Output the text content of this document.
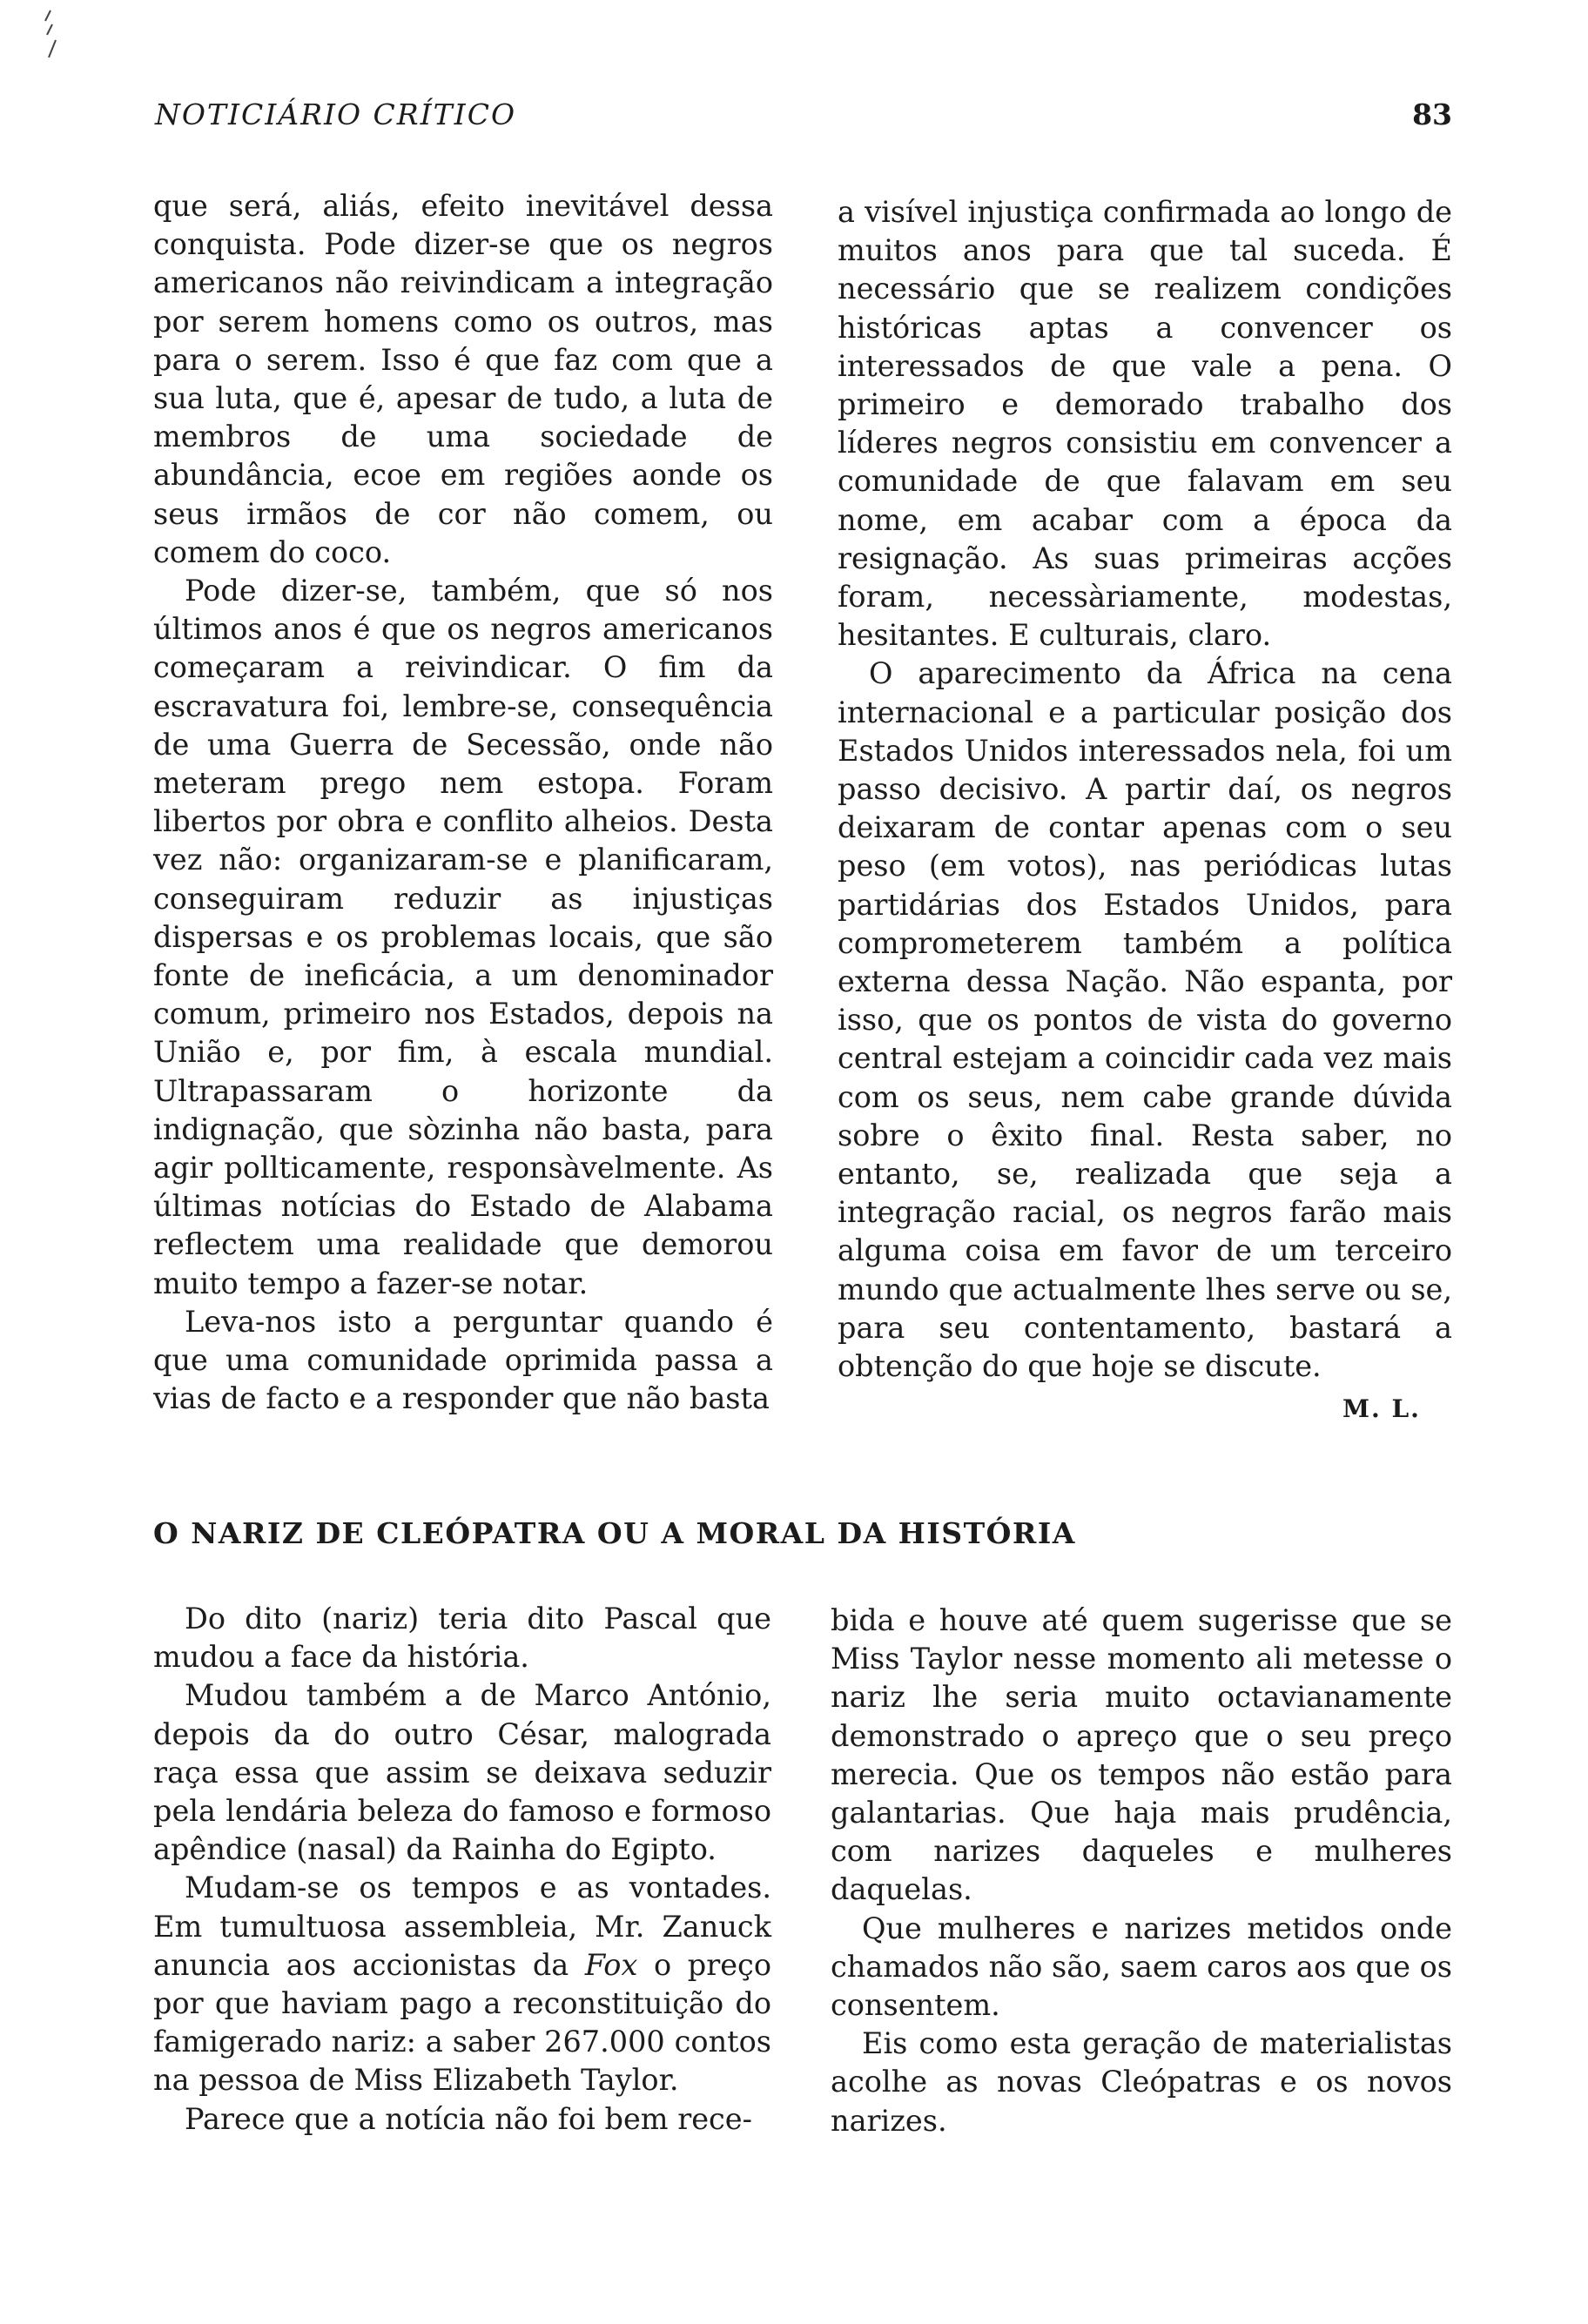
NOTICIÁRIO CRÍTICO	83

que será, aliás, efeito inevitável dessa conquista. Pode dizer-se que os negros americanos não reivindicam a integração por serem homens como os outros, mas para o serem. Isso é que faz com que a sua luta, que é, apesar de tudo, a luta de membros de uma sociedade de abundância, ecoe em regiões aonde os seus irmãos de cor não comem, ou comem do coco.

Pode dizer-se, também, que só nos últimos anos é que os negros americanos começaram a reivindicar. O fim da escravatura foi, lembre-se, consequência de uma Guerra de Secessão, onde não meteram prego nem estopa. Foram libertos por obra e conflito alheios. Desta vez não: organizaram-se e planificaram, conseguiram reduzir as injustiças dispersas e os problemas locais, que são fonte de ineficácia, a um denominador comum, primeiro nos Estados, depois na União e, por fim, à escala mundial. Ultrapassaram o horizonte da indignação, que sòzinha não basta, para agir pollticamente, responsàvelmente. As últimas notícias do Estado de Alabama reflectem uma realidade que demorou muito tempo a fazer-se notar.

Leva-nos isto a perguntar quando é que uma comunidade oprimida passa a vias de facto e a responder que não basta

a visível injustiça confirmada ao longo de muitos anos para que tal suceda. É necessário que se realizem condições históricas aptas a convencer os interessados de que vale a pena. O primeiro e demorado trabalho dos líderes negros consistiu em convencer a comunidade de que falavam em seu nome, em acabar com a época da resignação. As suas primeiras acções foram, necessàriamente, modestas, hesitantes. E culturais, claro.

O aparecimento da África na cena internacional e a particular posição dos Estados Unidos interessados nela, foi um passo decisivo. A partir daí, os negros deixaram de contar apenas com o seu peso (em votos), nas periódicas lutas partidárias dos Estados Unidos, para comprometerem também a política externa dessa Nação. Não espanta, por isso, que os pontos de vista do governo central estejam a coincidir cada vez mais com os seus, nem cabe grande dúvida sobre o êxito final. Resta saber, no entanto, se, realizada que seja a integração racial, os negros farão mais alguma coisa em favor de um terceiro mundo que actualmente lhes serve ou se, para seu contentamento, bastará a obtenção do que hoje se discute.

M. L.
O NARIZ DE CLEÓPATRA OU A MORAL DA HISTÓRIA

Do dito (nariz) teria dito Pascal que mudou a face da história.

Mudou também a de Marco António, depois da do outro César, malograda raça essa que assim se deixava seduzir pela lendária beleza do famoso e formoso apêndice (nasal) da Rainha do Egipto.

Mudam-se os tempos e as vontades. Em tumultuosa assembleia, Mr. Zanuck anuncia aos accionistas da Fox o preço por que haviam pago a reconstituição do famigerado nariz: a saber 267.000 contos na pessoa de Miss Elizabeth Taylor.

Parece que a notícia não foi bem rece-

bida e houve até quem sugerisse que se Miss Taylor nesse momento ali metesse o nariz lhe seria muito octavianamente demonstrado o apreço que o seu preço merecia. Que os tempos não estão para galantarias. Que haja mais prudência, com narizes daqueles e mulheres daquelas.

Que mulheres e narizes metidos onde chamados não são, saem caros aos que os consentem.

Eis como esta geração de materialistas acolhe as novas Cleópatras e os novos narizes.
